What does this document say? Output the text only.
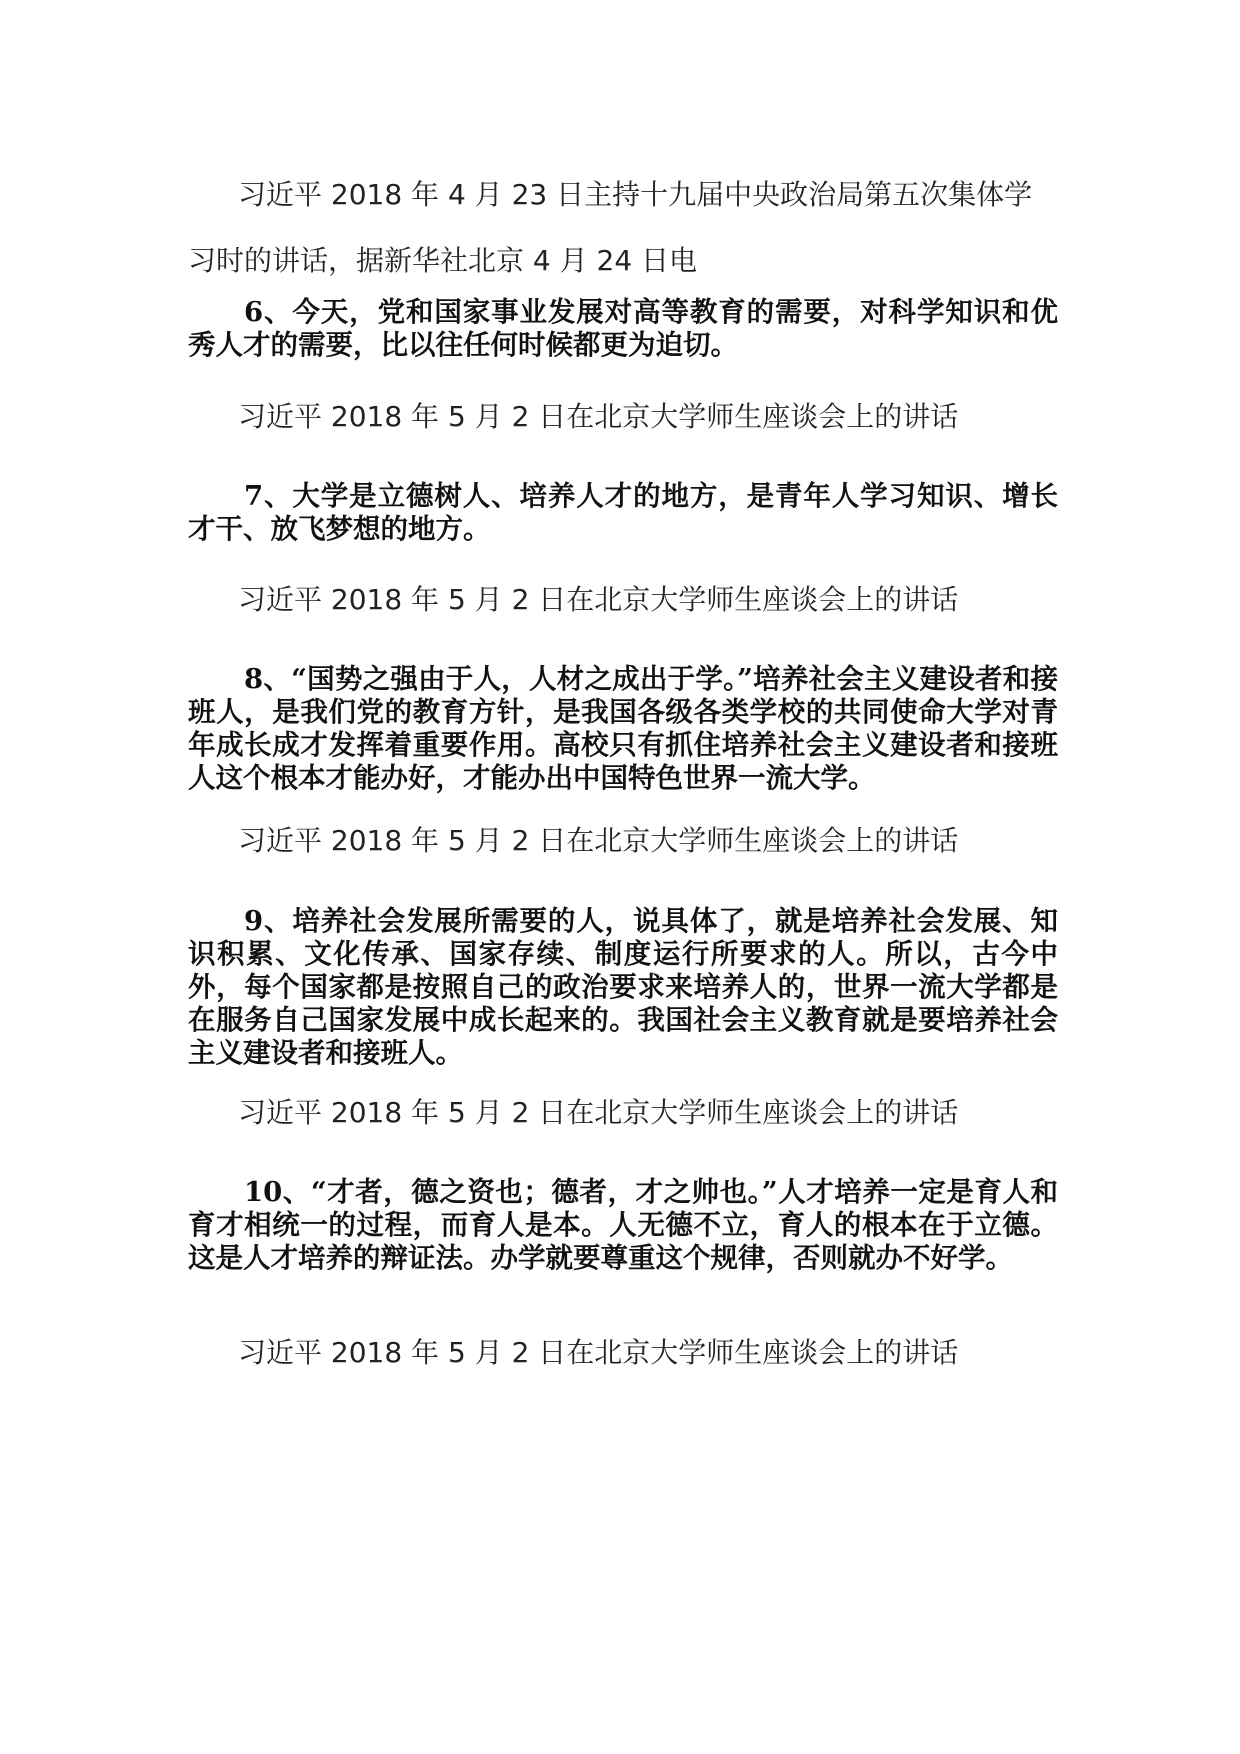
习近平 2018 年 4 月 23 日主持十九届中央政治局第五次集体学习时的讲话，据新华社北京 4 月 24 日电

6、今天，党和国家事业发展对高等教育的需要，对科学知识和优秀人才的需要，比以往任何时候都更为迫切。

习近平 2018 年 5 月 2 日在北京大学师生座谈会上的讲话

7、大学是立德树人、培养人才的地方，是青年人学习知识、增长才干、放飞梦想的地方。

习近平 2018 年 5 月 2 日在北京大学师生座谈会上的讲话

8、“国势之强由于人，人材之成出于学。”培养社会主义建设者和接班人，是我们党的教育方针，是我国各级各类学校的共同使命大学对青年成长成才发挥着重要作用。高校只有抓住培养社会主义建设者和接班人这个根本才能办好，才能办出中国特色世界一流大学。

习近平 2018 年 5 月 2 日在北京大学师生座谈会上的讲话

9、培养社会发展所需要的人，说具体了，就是培养社会发展、知识积累、文化传承、国家存续、制度运行所要求的人。所以，古今中外，每个国家都是按照自己的政治要求来培养人的，世界一流大学都是在服务自己国家发展中成长起来的。我国社会主义教育就是要培养社会主义建设者和接班人。

习近平 2018 年 5 月 2 日在北京大学师生座谈会上的讲话

10、“才者，德之资也；德者，才之帅也。”人才培养一定是育人和育才相统一的过程，而育人是本。人无德不立，育人的根本在于立德。这是人才培养的辩证法。办学就要尊重这个规律，否则就办不好学。

习近平 2018 年 5 月 2 日在北京大学师生座谈会上的讲话
